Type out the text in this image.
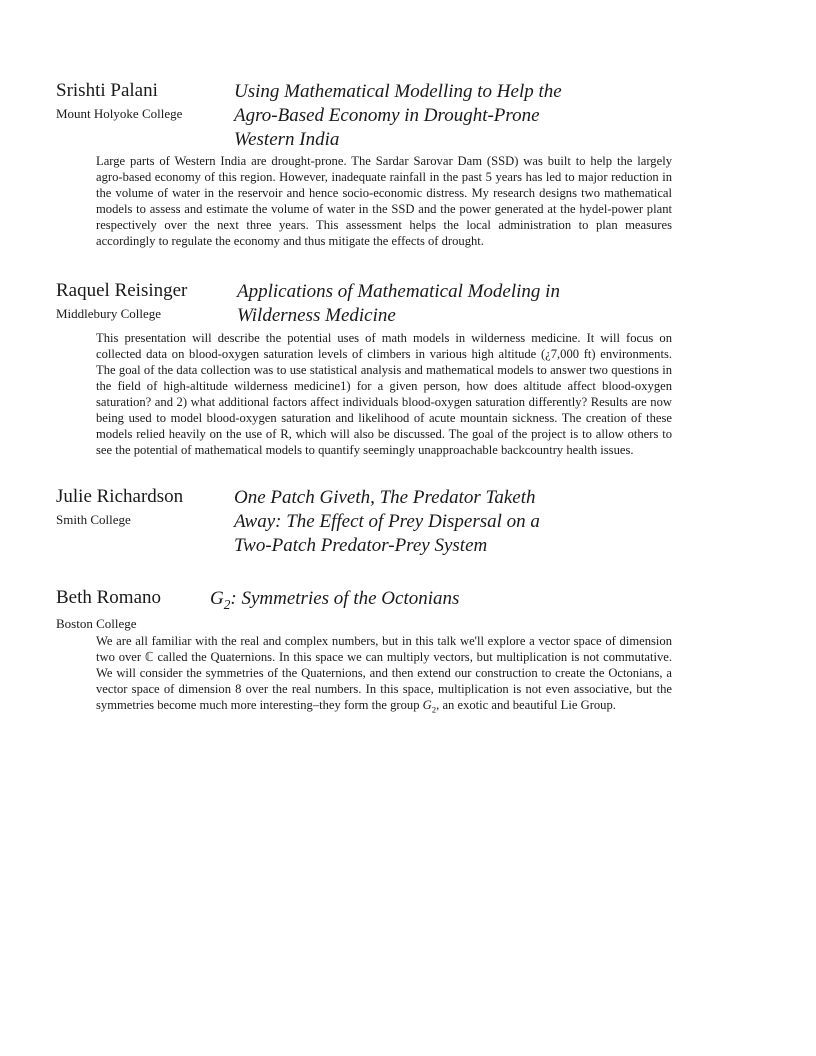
Srishti Palani
Mount Holyoke College
Using Mathematical Modelling to Help the
Agro-Based Economy in Drought-Prone
Western India
Large parts of Western India are drought-prone. The Sardar Sarovar Dam (SSD) was built to help the largely agro-based economy of this region. However, inadequate rainfall in the past 5 years has led to major reduction in the volume of water in the reservoir and hence socio-economic distress. My research designs two mathematical models to assess and estimate the volume of water in the SSD and the power generated at the hydel-power plant respectively over the next three years. This assessment helps the local administration to plan measures accordingly to regulate the economy and thus mitigate the effects of drought.
Raquel Reisinger
Middlebury College
Applications of Mathematical Modeling in
Wilderness Medicine
This presentation will describe the potential uses of math models in wilderness medicine. It will focus on collected data on blood-oxygen saturation levels of climbers in various high altitude (¿7,000 ft) environments. The goal of the data collection was to use statistical analysis and mathematical models to answer two questions in the field of high-altitude wilderness medicine1) for a given person, how does altitude affect blood-oxygen saturation? and 2) what additional factors affect individuals blood-oxygen saturation differently? Results are now being used to model blood-oxygen saturation and likelihood of acute mountain sickness. The creation of these models relied heavily on the use of R, which will also be discussed. The goal of the project is to allow others to see the potential of mathematical models to quantify seemingly unapproachable backcountry health issues.
Julie Richardson
Smith College
One Patch Giveth, The Predator Taketh
Away: The Effect of Prey Dispersal on a
Two-Patch Predator-Prey System
Beth Romano
Boston College
$G_2$: Symmetries of the Octonians
We are all familiar with the real and complex numbers, but in this talk we'll explore a vector space of dimension two over ℂ called the Quaternions. In this space we can multiply vectors, but multiplication is not commutative. We will consider the symmetries of the Quaternions, and then extend our construction to create the Octonians, a vector space of dimension 8 over the real numbers. In this space, multiplication is not even associative, but the symmetries become much more interesting–they form the group $G_2$, an exotic and beautiful Lie Group.
